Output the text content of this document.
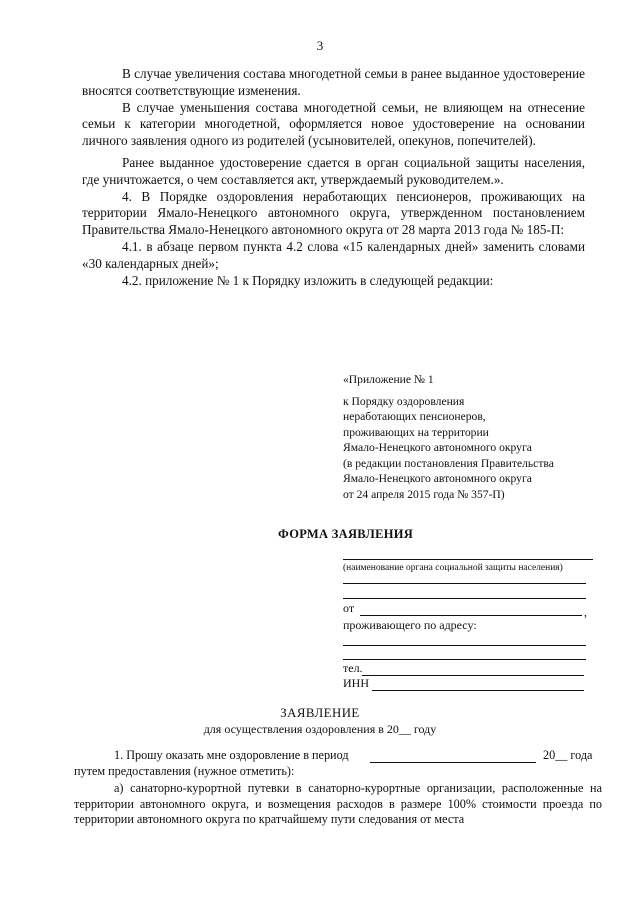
3

В случае увеличения состава многодетной семьи в ранее выданное удостоверение вносятся соответствующие изменения.

В случае уменьшения состава многодетной семьи, не влияющем на отнесение семьи к категории многодетной, оформляется новое удостоверение на основании личного заявления одного из родителей (усыновителей, опекунов, попечителей).

Ранее выданное удостоверение сдается в орган социальной защиты населения, где уничтожается, о чем составляется акт, утверждаемый руководителем.».

4. В Порядке оздоровления неработающих пенсионеров, проживающих на территории Ямало-Ненецкого автономного округа, утвержденном постановлением Правительства Ямало-Ненецкого автономного округа от 28 марта 2013 года № 185-П:

4.1. в абзаце первом пункта 4.2 слова «15 календарных дней» заменить словами «30 календарных дней»;

4.2. приложение № 1 к Порядку изложить в следующей редакции:

«Приложение № 1
к Порядку оздоровления
неработающих пенсионеров,
проживающих на территории
Ямало-Ненецкого автономного округа
(в редакции постановления Правительства
Ямало-Ненецкого автономного округа
от 24 апреля 2015 года № 357-П)
ФОРМА ЗАЯВЛЕНИЯ
(наименование органа социальной защиты населения)
от	,
проживающего по адресу:
тел.
ИНН
ЗАЯВЛЕНИЕ
для осуществления оздоровления в 20__ году
1. Прошу оказать мне оздоровление в период	20__ года
путем предоставления (нужное отметить):

а) санаторно-курортной путевки в санаторно-курортные организации, расположенные на территории автономного округа, и возмещения расходов в размере 100% стоимости проезда по территории автономного округа по кратчайшему пути следования от места
